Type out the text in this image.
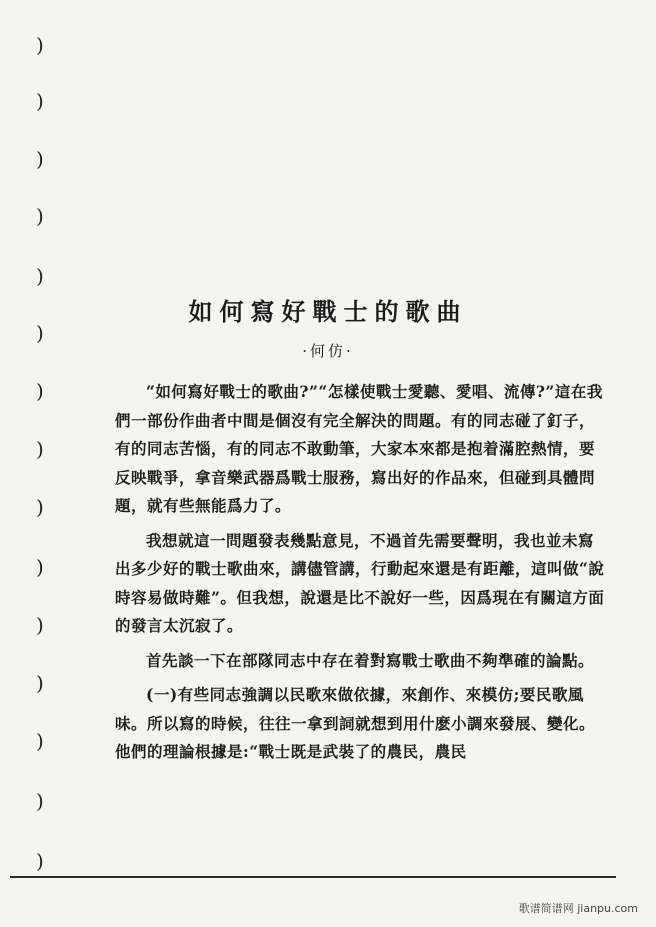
)
)
)
)
)
)
)
)
)
)
)
)
)
)
)
如何寫好戰士的歌曲
·何仿·

“如何寫好戰士的歌曲?”“怎樣使戰士愛聽、愛唱、流傳?”這在我們一部份作曲者中間是個沒有完全解決的問題。有的同志碰了釘子，有的同志苦惱，有的同志不敢動筆，大家本來都是抱着滿腔熱情，要反映戰爭，拿音樂武器爲戰士服務，寫出好的作品來，但碰到具體問題，就有些無能爲力了。

我想就這一問題發表幾點意見，不過首先需要聲明，我也並未寫出多少好的戰士歌曲來，講儘管講，行動起來還是有距離，這叫做“說時容易做時難”。但我想，說還是比不說好一些，因爲現在有關這方面的發言太沉寂了。

首先談一下在部隊同志中存在着對寫戰士歌曲不夠準確的論點。

(一)有些同志強調以民歌來做依據，來創作、來模仿;要民歌風味。所以寫的時候，往往一拿到詞就想到用什麽小調來發展、變化。他們的理論根據是:“戰士既是武裝了的農民，農民

歌谱简谱网 jianpu.com
